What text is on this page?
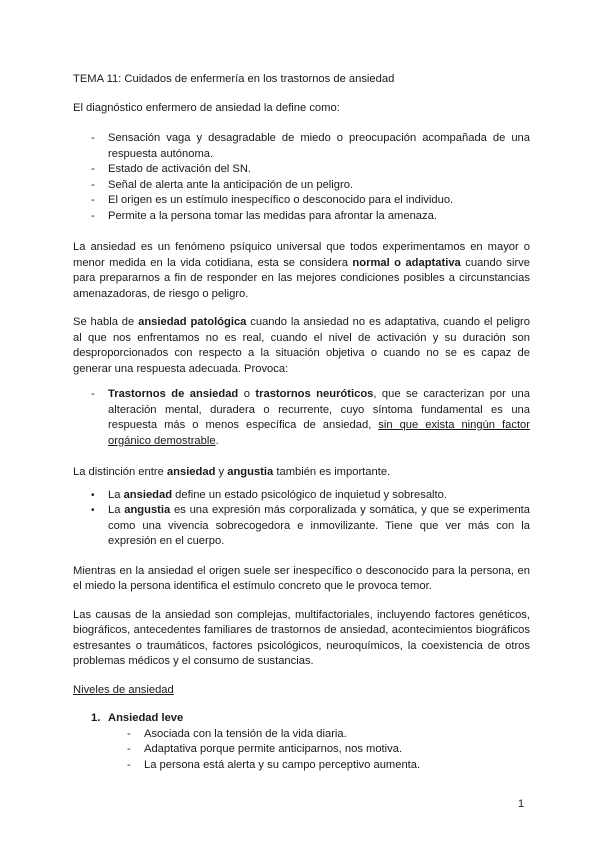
TEMA 11: Cuidados de enfermería en los trastornos de ansiedad

El diagnóstico enfermero de ansiedad la define como:

- Sensación vaga y desagradable de miedo o preocupación acompañada de una respuesta autónoma.
- Estado de activación del SN.
- Señal de alerta ante la anticipación de un peligro.
- El origen es un estímulo inespecífico o desconocido para el individuo.
- Permite a la persona tomar las medidas para afrontar la amenaza.

La ansiedad es un fenómeno psíquico universal que todos experimentamos en mayor o menor medida en la vida cotidiana, esta se considera normal o adaptativa cuando sirve para prepararnos a fin de responder en las mejores condiciones posibles a circunstancias amenazadoras, de riesgo o peligro.

Se habla de ansiedad patológica cuando la ansiedad no es adaptativa, cuando el peligro al que nos enfrentamos no es real, cuando el nivel de activación y su duración son desproporcionados con respecto a la situación objetiva o cuando no se es capaz de generar una respuesta adecuada. Provoca:

- Trastornos de ansiedad o trastornos neuróticos, que se caracterizan por una alteración mental, duradera o recurrente, cuyo síntoma fundamental es una respuesta más o menos específica de ansiedad, sin que exista ningún factor orgánico demostrable.

La distinción entre ansiedad y angustia también es importante.

• La ansiedad define un estado psicológico de inquietud y sobresalto.
• La angustia es una expresión más corporalizada y somática, y que se experimenta como una vivencia sobrecogedora e inmovilizante. Tiene que ver más con la expresión en el cuerpo.

Mientras en la ansiedad el origen suele ser inespecífico o desconocido para la persona, en el miedo la persona identifica el estímulo concreto que le provoca temor.

Las causas de la ansiedad son complejas, multifactoriales, incluyendo factores genéticos, biográficos, antecedentes familiares de trastornos de ansiedad, acontecimientos biográficos estresantes o traumáticos, factores psicológicos, neuroquímicos, la coexistencia de otros problemas médicos y el consumo de sustancias.

Niveles de ansiedad

1. Ansiedad leve

- Asociada con la tensión de la vida diaria.
- Adaptativa porque permite anticiparnos, nos motiva.
- La persona está alerta y su campo perceptivo aumenta.
1
